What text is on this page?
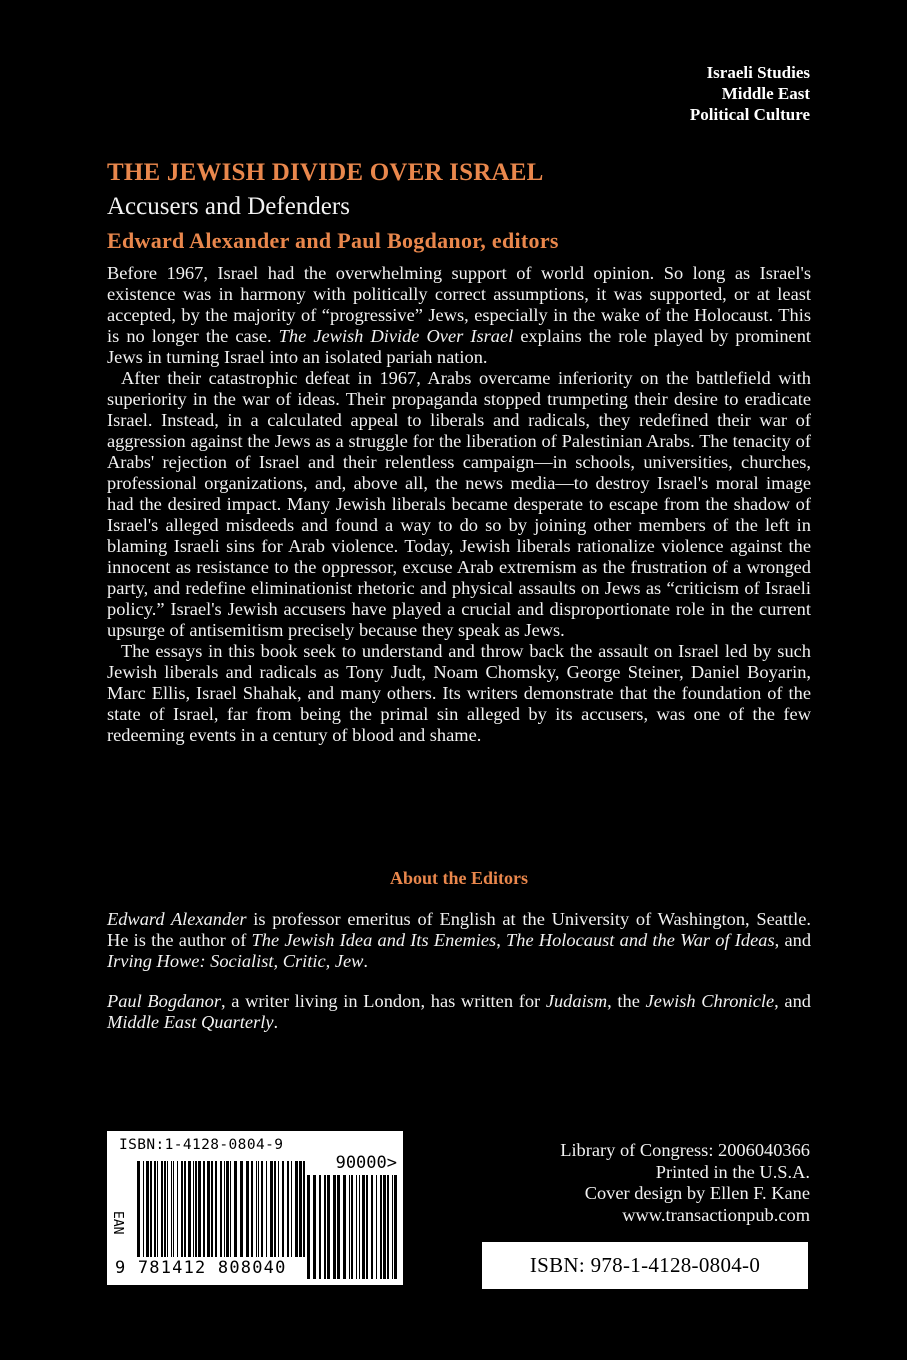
Israeli Studies
Middle East
Political Culture
THE JEWISH DIVIDE OVER ISRAEL
Accusers and Defenders
Edward Alexander and Paul Bogdanor, editors

Before 1967, Israel had the overwhelming support of world opinion. So long as Israel's existence was in harmony with politically correct assumptions, it was supported, or at least accepted, by the majority of “progressive” Jews, especially in the wake of the Holocaust. This is no longer the case. The Jewish Divide Over Israel explains the role played by prominent Jews in turning Israel into an isolated pariah nation.

After their catastrophic defeat in 1967, Arabs overcame inferiority on the battlefield with superiority in the war of ideas. Their propaganda stopped trumpeting their desire to eradicate Israel. Instead, in a calculated appeal to liberals and radicals, they redefined their war of aggression against the Jews as a struggle for the liberation of Palestinian Arabs. The tenacity of Arabs' rejection of Israel and their relentless campaign—in schools, universities, churches, professional organizations, and, above all, the news media—to destroy Israel's moral image had the desired impact. Many Jewish liberals became desperate to escape from the shadow of Israel's alleged misdeeds and found a way to do so by joining other members of the left in blaming Israeli sins for Arab violence. Today, Jewish liberals rationalize violence against the innocent as resistance to the oppressor, excuse Arab extremism as the frustration of a wronged party, and redefine eliminationist rhetoric and physical assaults on Jews as “criticism of Israeli policy.” Israel's Jewish accusers have played a crucial and disproportionate role in the current upsurge of antisemitism precisely because they speak as Jews.

The essays in this book seek to understand and throw back the assault on Israel led by such Jewish liberals and radicals as Tony Judt, Noam Chomsky, George Steiner, Daniel Boyarin, Marc Ellis, Israel Shahak, and many others. Its writers demonstrate that the foundation of the state of Israel, far from being the primal sin alleged by its accusers, was one of the few redeeming events in a century of blood and shame.

About the Editors
Edward Alexander is professor emeritus of English at the University of Washington, Seattle. He is the author of The Jewish Idea and Its Enemies, The Holocaust and the War of Ideas, and Irving Howe: Socialist, Critic, Jew.
Paul Bogdanor, a writer living in London, has written for Judaism, the Jewish Chronicle, and Middle East Quarterly.
ISBN:1-4128-0804-9
90000>
EAN
9 781412 808040
Library of Congress: 2006040366
Printed in the U.S.A.
Cover design by Ellen F. Kane
www.transactionpub.com
ISBN: 978-1-4128-0804-0
